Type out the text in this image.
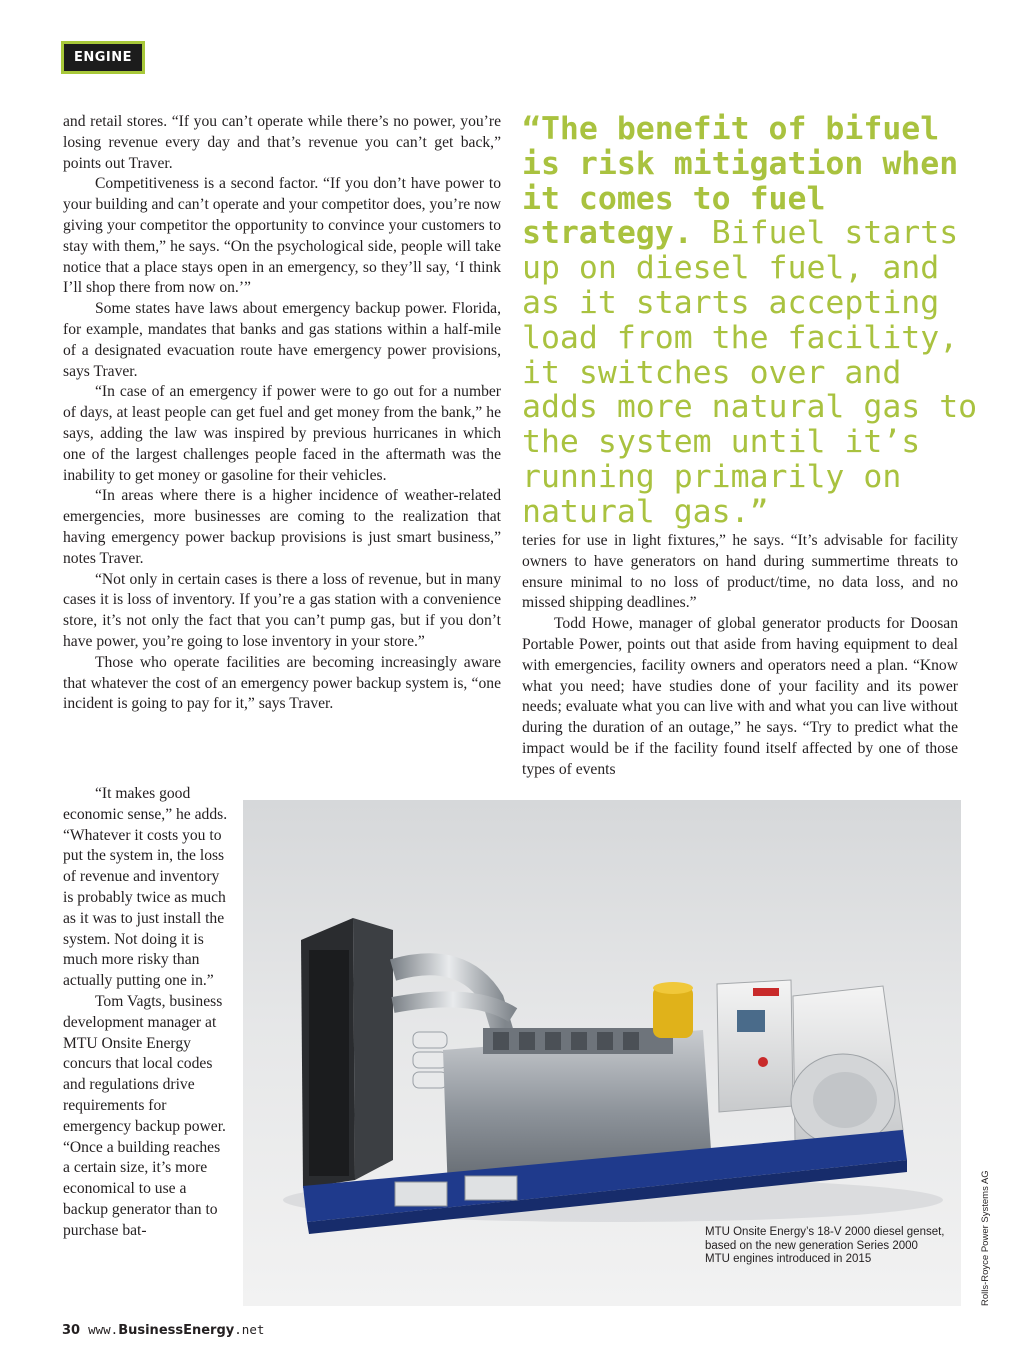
ENGINE

and retail stores. “If you can’t operate while there’s no power, you’re losing revenue every day and that’s revenue you can’t get back,” points out Traver.

Competitiveness is a second factor. “If you don’t have power to your building and can’t operate and your competitor does, you’re now giving your competitor the opportunity to convince your customers to stay with them,” he says. “On the psychological side, people will take notice that a place stays open in an emergency, so they’ll say, ‘I think I’ll shop there from now on.’”

Some states have laws about emergency backup power. Florida, for example, mandates that banks and gas stations within a half-mile of a designated evacuation route have emergency power provisions, says Traver.

“In case of an emergency if power were to go out for a number of days, at least people can get fuel and get money from the bank,” he says, adding the law was inspired by previous hurricanes in which one of the largest challenges people faced in the aftermath was the inability to get money or gasoline for their vehicles.

“In areas where there is a higher incidence of weather-related emergencies, more businesses are coming to the realization that having emergency power backup provisions is just smart business,” notes Traver.

“Not only in certain cases is there a loss of revenue, but in many cases it is loss of inventory. If you’re a gas station with a convenience store, it’s not only the fact that you can’t pump gas, but if you don’t have power, you’re going to lose inventory in your store.”

Those who operate facilities are becoming increasingly aware that whatever the cost of an emergency power backup system is, “one incident is going to pay for it,” says Traver.

“It makes good economic sense,” he adds. “Whatever it costs you to put the system in, the loss of revenue and inventory is probably twice as much as it was to just install the system. Not doing it is much more risky than actually putting one in.”

Tom Vagts, business development manager at MTU Onsite Energy concurs that local codes and regulations drive requirements for emergency backup power. “Once a building reaches a certain size, it’s more economical to use a backup generator than to purchase bat-

“The benefit of bifuel is risk mitigation when it comes to fuel strategy. Bifuel starts up on diesel fuel, and as it starts accepting load from the facility, it switches over and adds more natural gas to the system until it’s running primarily on natural gas.”

teries for use in light fixtures,” he says. “It’s advisable for facility owners to have generators on hand during summertime threats to ensure minimal to no loss of product/time, no data loss, and no missed shipping deadlines.”

Todd Howe, manager of global generator products for Doosan Portable Power, points out that aside from having equipment to deal with emergencies, facility owners and operators need a plan. “Know what you need; have studies done of your facility and its power needs; evaluate what you can live with and what you can live without during the duration of an outage,” he says. “Try to predict what the impact would be if the facility found itself affected by one of those types of events

MTU Onsite Energy’s 18-V 2000 diesel genset, based on the new generation Series 2000 MTU engines introduced in 2015	Rolls-Royce Power Systems AG
30 www.BusinessEnergy.net
